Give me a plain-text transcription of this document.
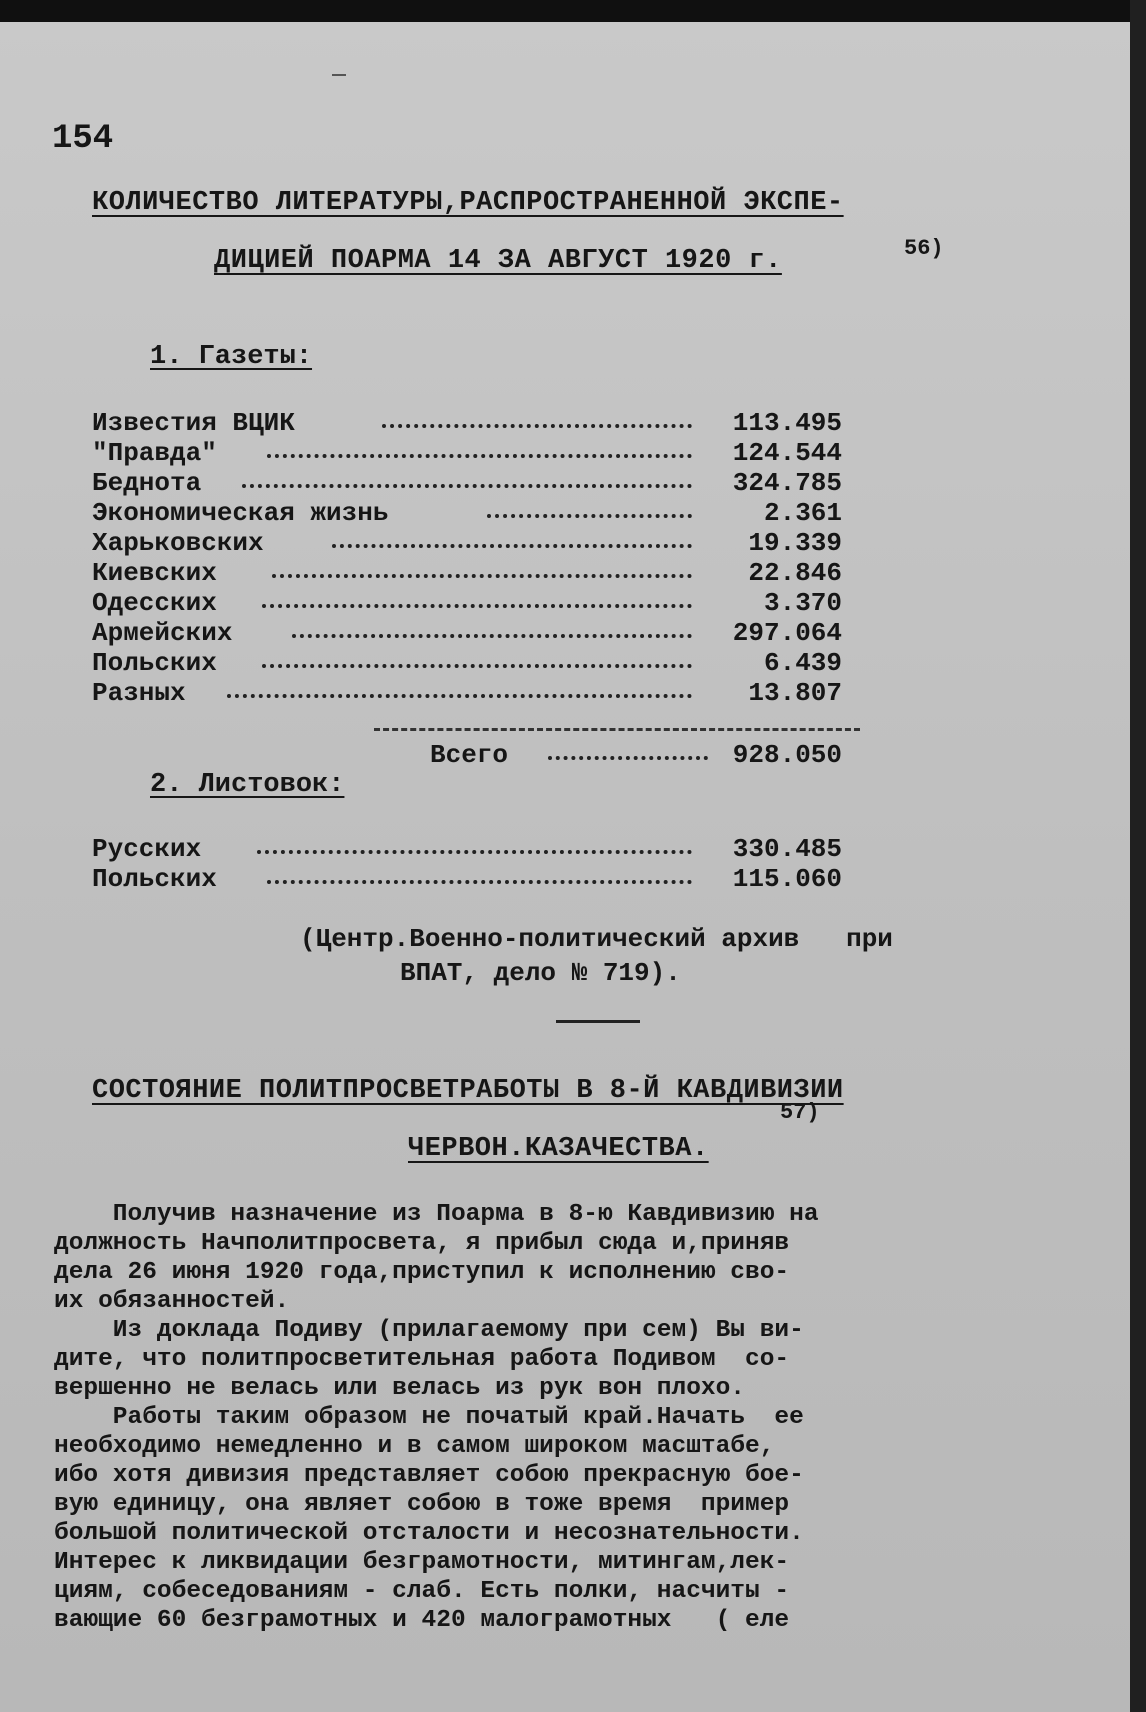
154
КОЛИЧЕСТВО ЛИТЕРАТУРЫ,РАСПРОСТРАНЕННОЙ ЭКСПЕ-
ДИЦИЕЙ ПОАРМА 14 ЗА АВГУСТ 1920 г.	56)
1. Газеты:
Известия ВЦИК	113.495
"Правда"	124.544
Беднота	324.785
Экономическая жизнь	2.361
Харьковских	19.339
Киевских	22.846
Одесских	3.370
Армейских	297.064
Польских	6.439
Разных	13.807
Всего	928.050
2. Листовок:
Русских	330.485
Польских	115.060
(Центр.Военно-политический архив   при
ВПАТ, дело № 719).
СОСТОЯНИЕ ПОЛИТПРОСВЕТРАБОТЫ В 8-Й КАВДИВИЗИИ
ЧЕРВОН.КАЗАЧЕСТВА.
57)
Получив назначение из Поарма в 8-ю Кавдивизию на
должность Начполитпросвета, я прибыл сюда и,приняв
дела 26 июня 1920 года,приступил к исполнению сво-
их обязанностей.
Из доклада Подиву (прилагаемому при сем) Вы ви-
дите, что политпросветительная работа Подивом  со-
вершенно не велась или велась из рук вон плохо.
Работы таким образом не початый край.Начать  ее
необходимо немедленно и в самом широком масштабе,
ибо хотя дивизия представляет собою прекрасную бое-
вую единицу, она являет собою в тоже время  пример
большой политической отсталости и несознательности.
Интерес к ликвидации безграмотности, митингам,лек-
циям, собеседованиям - слаб. Есть полки, насчиты -
вающие 60 безграмотных и 420 малограмотных   ( еле
